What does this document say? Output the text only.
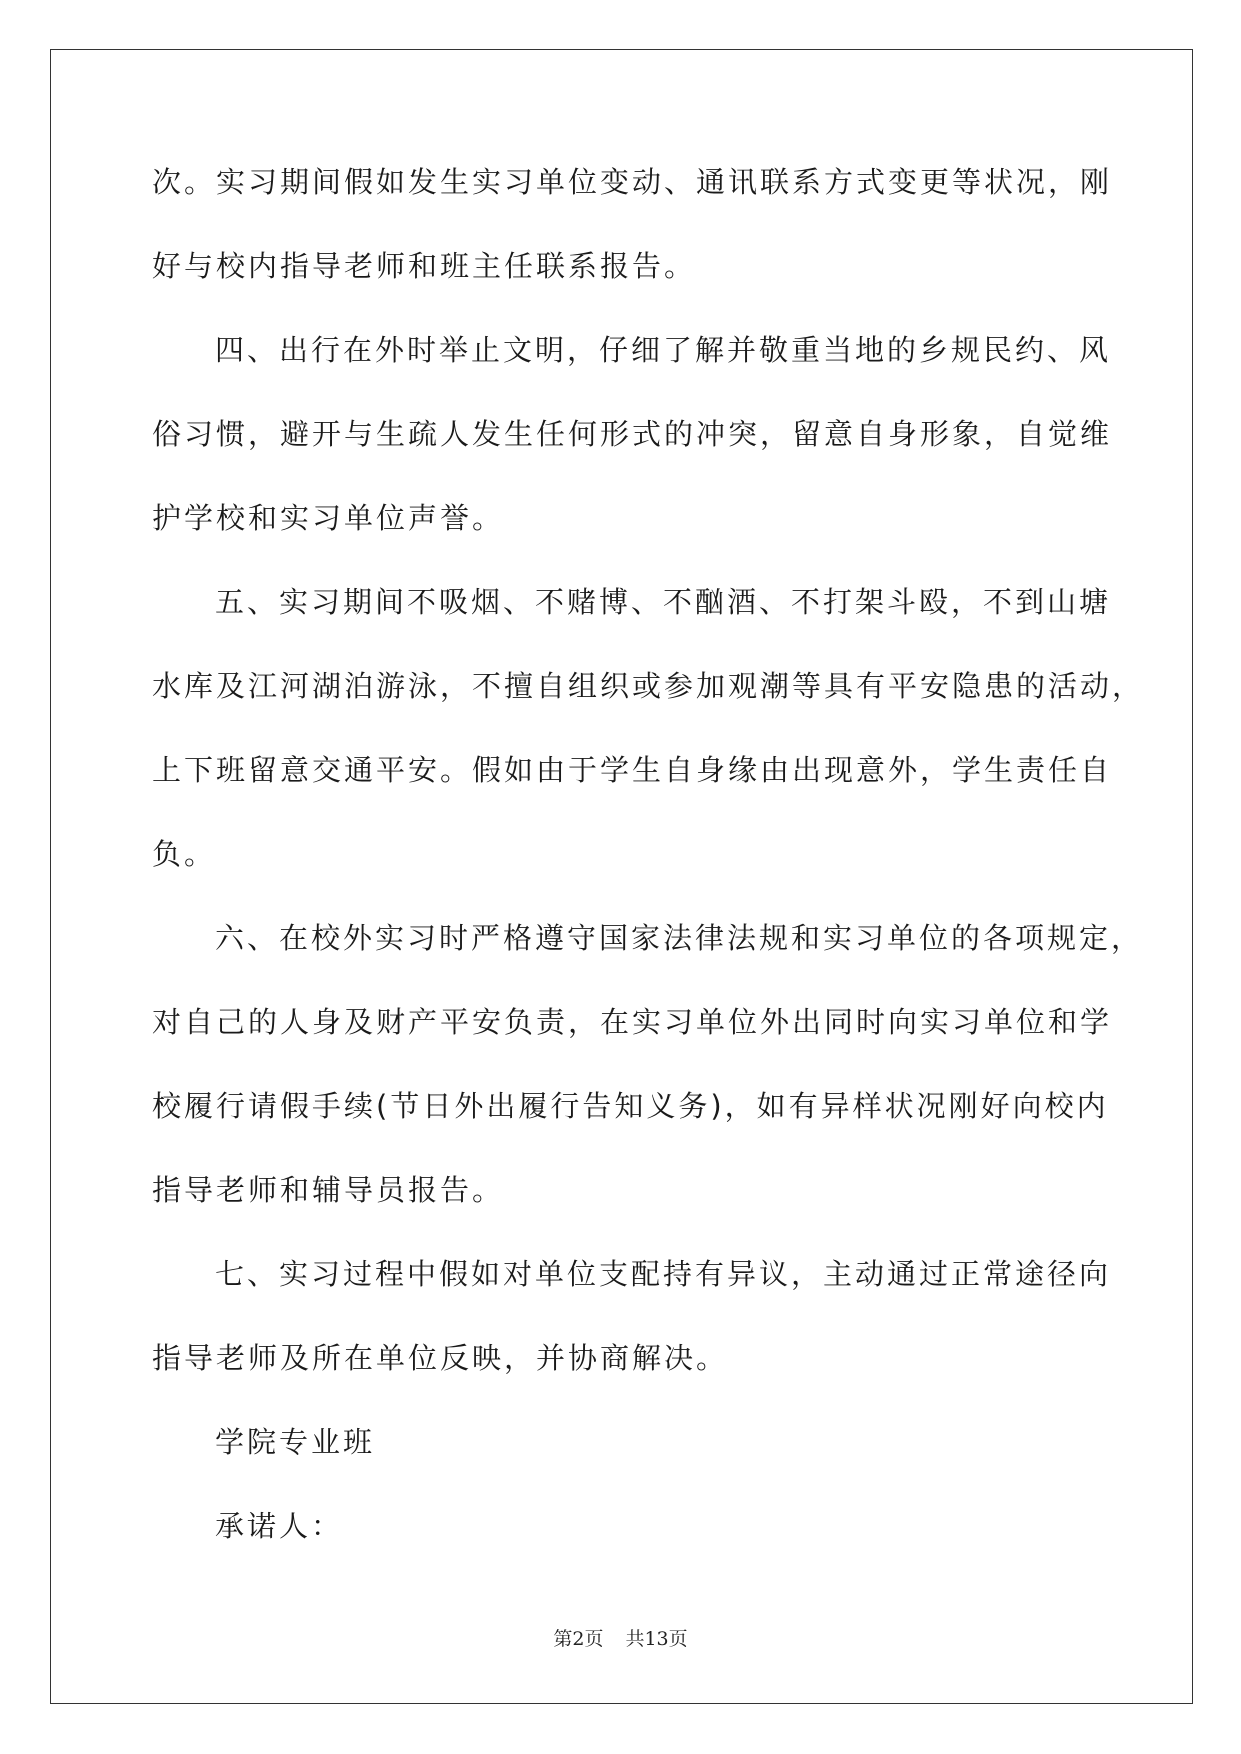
次。实习期间假如发生实习单位变动、通讯联系方式变更等状况，刚
好与校内指导老师和班主任联系报告。
四、出行在外时举止文明，仔细了解并敬重当地的乡规民约、风
俗习惯，避开与生疏人发生任何形式的冲突，留意自身形象，自觉维
护学校和实习单位声誉。
五、实习期间不吸烟、不赌博、不酗酒、不打架斗殴，不到山塘
水库及江河湖泊游泳，不擅自组织或参加观潮等具有平安隐患的活动，
上下班留意交通平安。假如由于学生自身缘由出现意外，学生责任自
负。
六、在校外实习时严格遵守国家法律法规和实习单位的各项规定，
对自己的人身及财产平安负责，在实习单位外出同时向实习单位和学
校履行请假手续(节日外出履行告知义务)，如有异样状况刚好向校内
指导老师和辅导员报告。
七、实习过程中假如对单位支配持有异议，主动通过正常途径向
指导老师及所在单位反映，并协商解决。
学院专业班
承诺人：
第2页 共13页
